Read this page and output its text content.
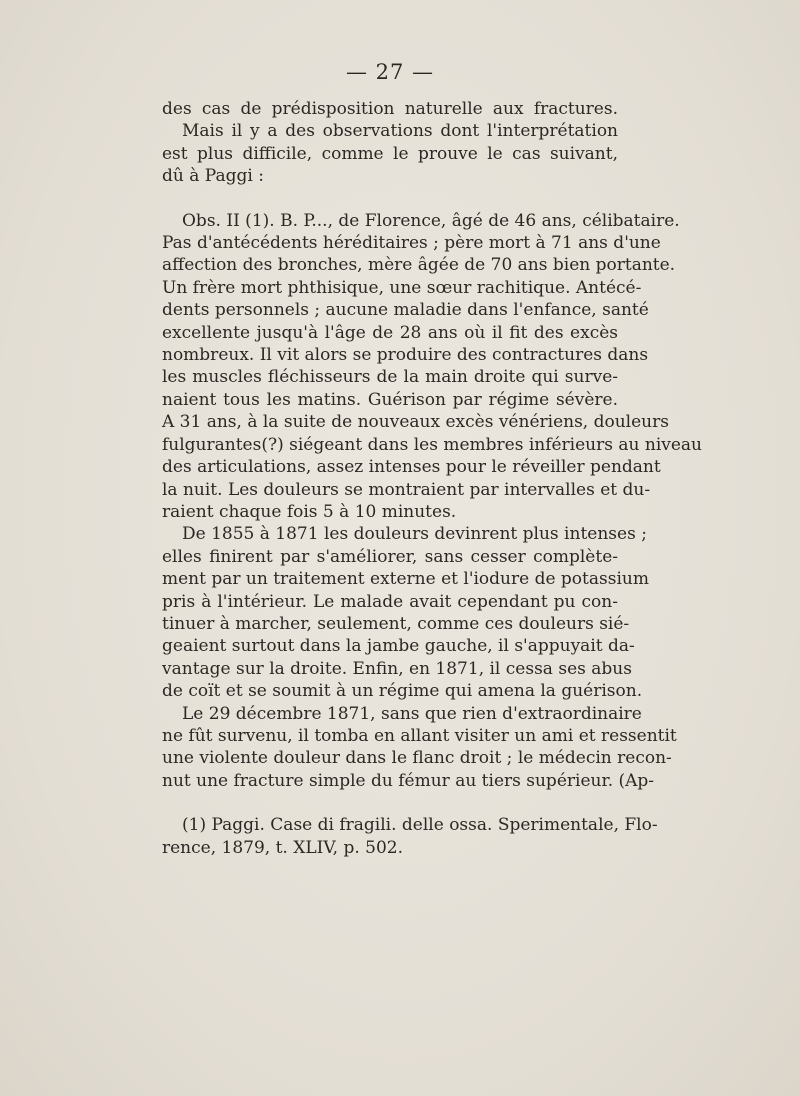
— 27 —
des cas de prédisposition naturelle aux fractures.
Mais il y a des observations dont l'interprétation
est plus difficile, comme le prouve le cas suivant,
dû à Paggi :
Obs. II (1). B. P..., de Florence, âgé de 46 ans, célibataire.
Pas d'antécédents héréditaires ; père mort à 71 ans d'une
affection des bronches, mère âgée de 70 ans bien portante.
Un frère mort phthisique, une sœur rachitique. Antécé-
dents personnels ; aucune maladie dans l'enfance, santé
excellente jusqu'à l'âge de 28 ans où il fit des excès
nombreux. Il vit alors se produire des contractures dans
les muscles fléchisseurs de la main droite qui surve-
naient tous les matins. Guérison par régime sévère.
A 31 ans, à la suite de nouveaux excès vénériens, douleurs
fulgurantes(?) siégeant dans les membres inférieurs au niveau
des articulations, assez intenses pour le réveiller pendant
la nuit. Les douleurs se montraient par intervalles et du-
raient chaque fois 5 à 10 minutes.
De 1855 à 1871 les douleurs devinrent plus intenses ;
elles finirent par s'améliorer, sans cesser complète-
ment par un traitement externe et l'iodure de potassium
pris à l'intérieur. Le malade avait cependant pu con-
tinuer à marcher, seulement, comme ces douleurs sié-
geaient surtout dans la jambe gauche, il s'appuyait da-
vantage sur la droite. Enfin, en 1871, il cessa ses abus
de coït et se soumit à un régime qui amena la guérison.
Le 29 décembre 1871, sans que rien d'extraordinaire
ne fût survenu, il tomba en allant visiter un ami et ressentit
une violente douleur dans le flanc droit ; le médecin recon-
nut une fracture simple du fémur au tiers supérieur. (Ap-
(1) Paggi. Case di fragili. delle ossa. Sperimentale, Flo-
rence, 1879, t. XLIV, p. 502.
